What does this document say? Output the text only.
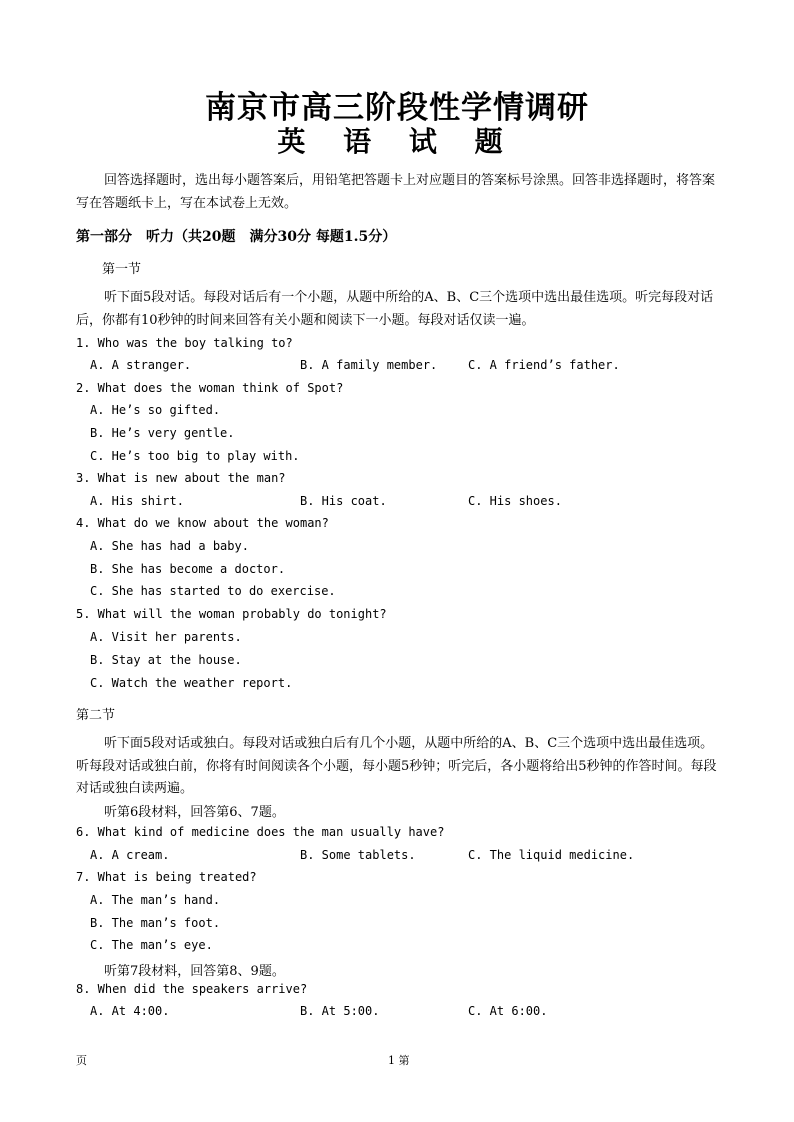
南京市高三阶段性学情调研
英 语 试 题
回答选择题时，选出每小题答案后，用铅笔把答题卡上对应题目的答案标号涂黑。回答非选择题时，将答案写在答题纸卡上，写在本试卷上无效。
第一部分　听力（共20题　满分30分 每题1.5分）
第一节
听下面5段对话。每段对话后有一个小题，从题中所给的A、B、C三个选项中选出最佳选项。听完每段对话后，你都有10秒钟的时间来回答有关小题和阅读下一小题。每段对话仅读一遍。
1. Who was the boy talking to?
A. A stranger.	B. A family member.	C. A friend’s father.
2. What does the woman think of Spot?
A. He’s so gifted.
B. He’s very gentle.
C. He’s too big to play with.
3. What is new about the man?
A. His shirt.	B. His coat.	C. His shoes.
4. What do we know about the woman?
A. She has had a baby.
B. She has become a doctor.
C. She has started to do exercise.
5. What will the woman probably do tonight?
A. Visit her parents.
B. Stay at the house.
C. Watch the weather report.
第二节
听下面5段对话或独白。每段对话或独白后有几个小题，从题中所给的A、B、C三个选项中选出最佳选项。听每段对话或独白前，你将有时间阅读各个小题，每小题5秒钟；听完后，各小题将给出5秒钟的作答时间。每段对话或独白读两遍。
听第6段材料，回答第6、7题。
6. What kind of medicine does the man usually have?
A. A cream.	B. Some tablets.	C. The liquid medicine.
7. What is being treated?
A. The man’s hand.
B. The man’s foot.
C. The man’s eye.
听第7段材料，回答第8、9题。
8. When did the speakers arrive?
A. At 4:00.	B. At 5:00.	C. At 6:00.
页	1 第
